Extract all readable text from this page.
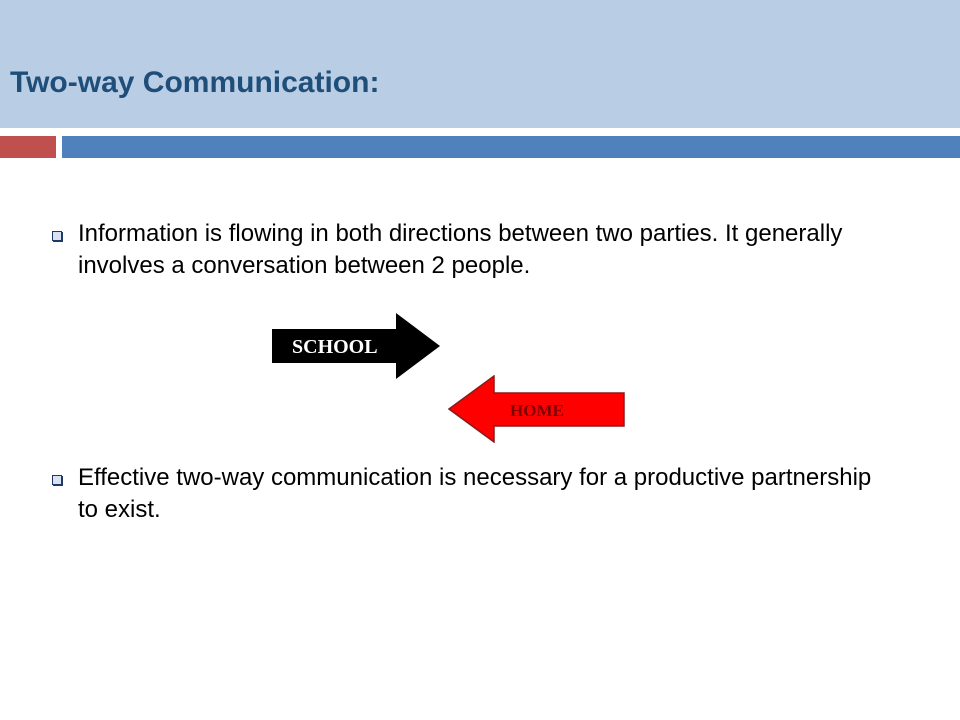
Two-way Communication:
Information is flowing in both directions between two parties. It generally involves a conversation between 2 people.
SCHOOL
HOME
Effective two-way communication is necessary for a productive partnership to exist.
